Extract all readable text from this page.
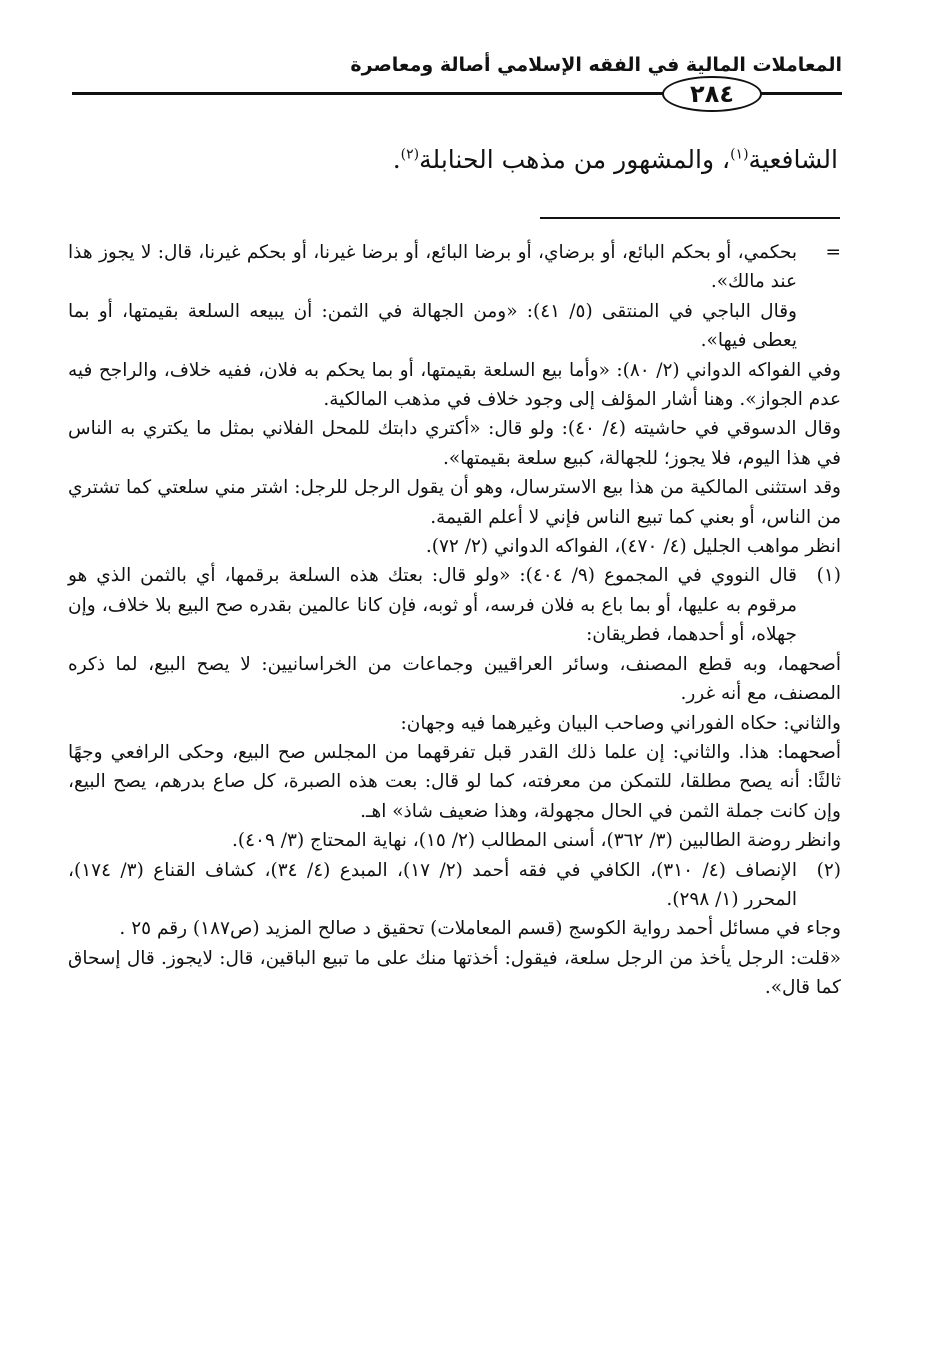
المعاملات المالية في الفقه الإسلامي أصالة ومعاصرة
٢٨٤
الشافعية$^{(١)}$، والمشهور من مذهب الحنابلة$^{(٢)}$.
=

بحكمي، أو بحكم البائع، أو برضاي، أو برضا البائع، أو برضا غيرنا، أو بحكم غيرنا، قال: لا يجوز هذا عند مالك».

وقال الباجي في المنتقى (٥/ ٤١): «ومن الجهالة في الثمن: أن يبيعه السلعة بقيمتها، أو بما يعطى فيها».

وفي الفواكه الدواني (٢/ ٨٠): «وأما بيع السلعة بقيمتها، أو بما يحكم به فلان، ففيه خلاف، والراجح فيه عدم الجواز». وهنا أشار المؤلف إلى وجود خلاف في مذهب المالكية.

وقال الدسوقي في حاشيته (٤/ ٤٠): ولو قال: «أكتري دابتك للمحل الفلاني بمثل ما يكتري به الناس في هذا اليوم، فلا يجوز؛ للجهالة، كبيع سلعة بقيمتها».

وقد استثنى المالكية من هذا بيع الاسترسال، وهو أن يقول الرجل للرجل: اشتر مني سلعتي كما تشتري من الناس، أو بعني كما تبيع الناس فإني لا أعلم القيمة.

انظر مواهب الجليل (٤/ ٤٧٠)، الفواكه الدواني (٢/ ٧٢).

(١)

قال النووي في المجموع (٩/ ٤٠٤): «ولو قال: بعتك هذه السلعة برقمها، أي بالثمن الذي هو مرقوم به عليها، أو بما باع به فلان فرسه، أو ثوبه، فإن كانا عالمين بقدره صح البيع بلا خلاف، وإن جهلاه، أو أحدهما، فطريقان:

أصحهما، وبه قطع المصنف، وسائر العراقيين وجماعات من الخراسانيين: لا يصح البيع، لما ذكره المصنف، مع أنه غرر.

والثاني: حكاه الفوراني وصاحب البيان وغيرهما فيه وجهان:

أصحهما: هذا. والثاني: إن علما ذلك القدر قبل تفرقهما من المجلس صح البيع، وحكى الرافعي وجهًا ثالثًا: أنه يصح مطلقا، للتمكن من معرفته، كما لو قال: بعت هذه الصبرة، كل صاع بدرهم، يصح البيع، وإن كانت جملة الثمن في الحال مجهولة، وهذا ضعيف شاذ» اهـ.

وانظر روضة الطالبين (٣/ ٣٦٢)، أسنى المطالب (٢/ ١٥)، نهاية المحتاج (٣/ ٤٠٩).

(٢)

الإنصاف (٤/ ٣١٠)، الكافي في فقه أحمد (٢/ ١٧)، المبدع (٤/ ٣٤)، كشاف القناع (٣/ ١٧٤)، المحرر (١/ ٢٩٨).

وجاء في مسائل أحمد رواية الكوسج (قسم المعاملات) تحقيق د صالح المزيد (ص١٨٧) رقم ٢٥ .

«قلت: الرجل يأخذ من الرجل سلعة، فيقول: أخذتها منك على ما تبيع الباقين، قال: لايجوز. قال إسحاق كما قال».
